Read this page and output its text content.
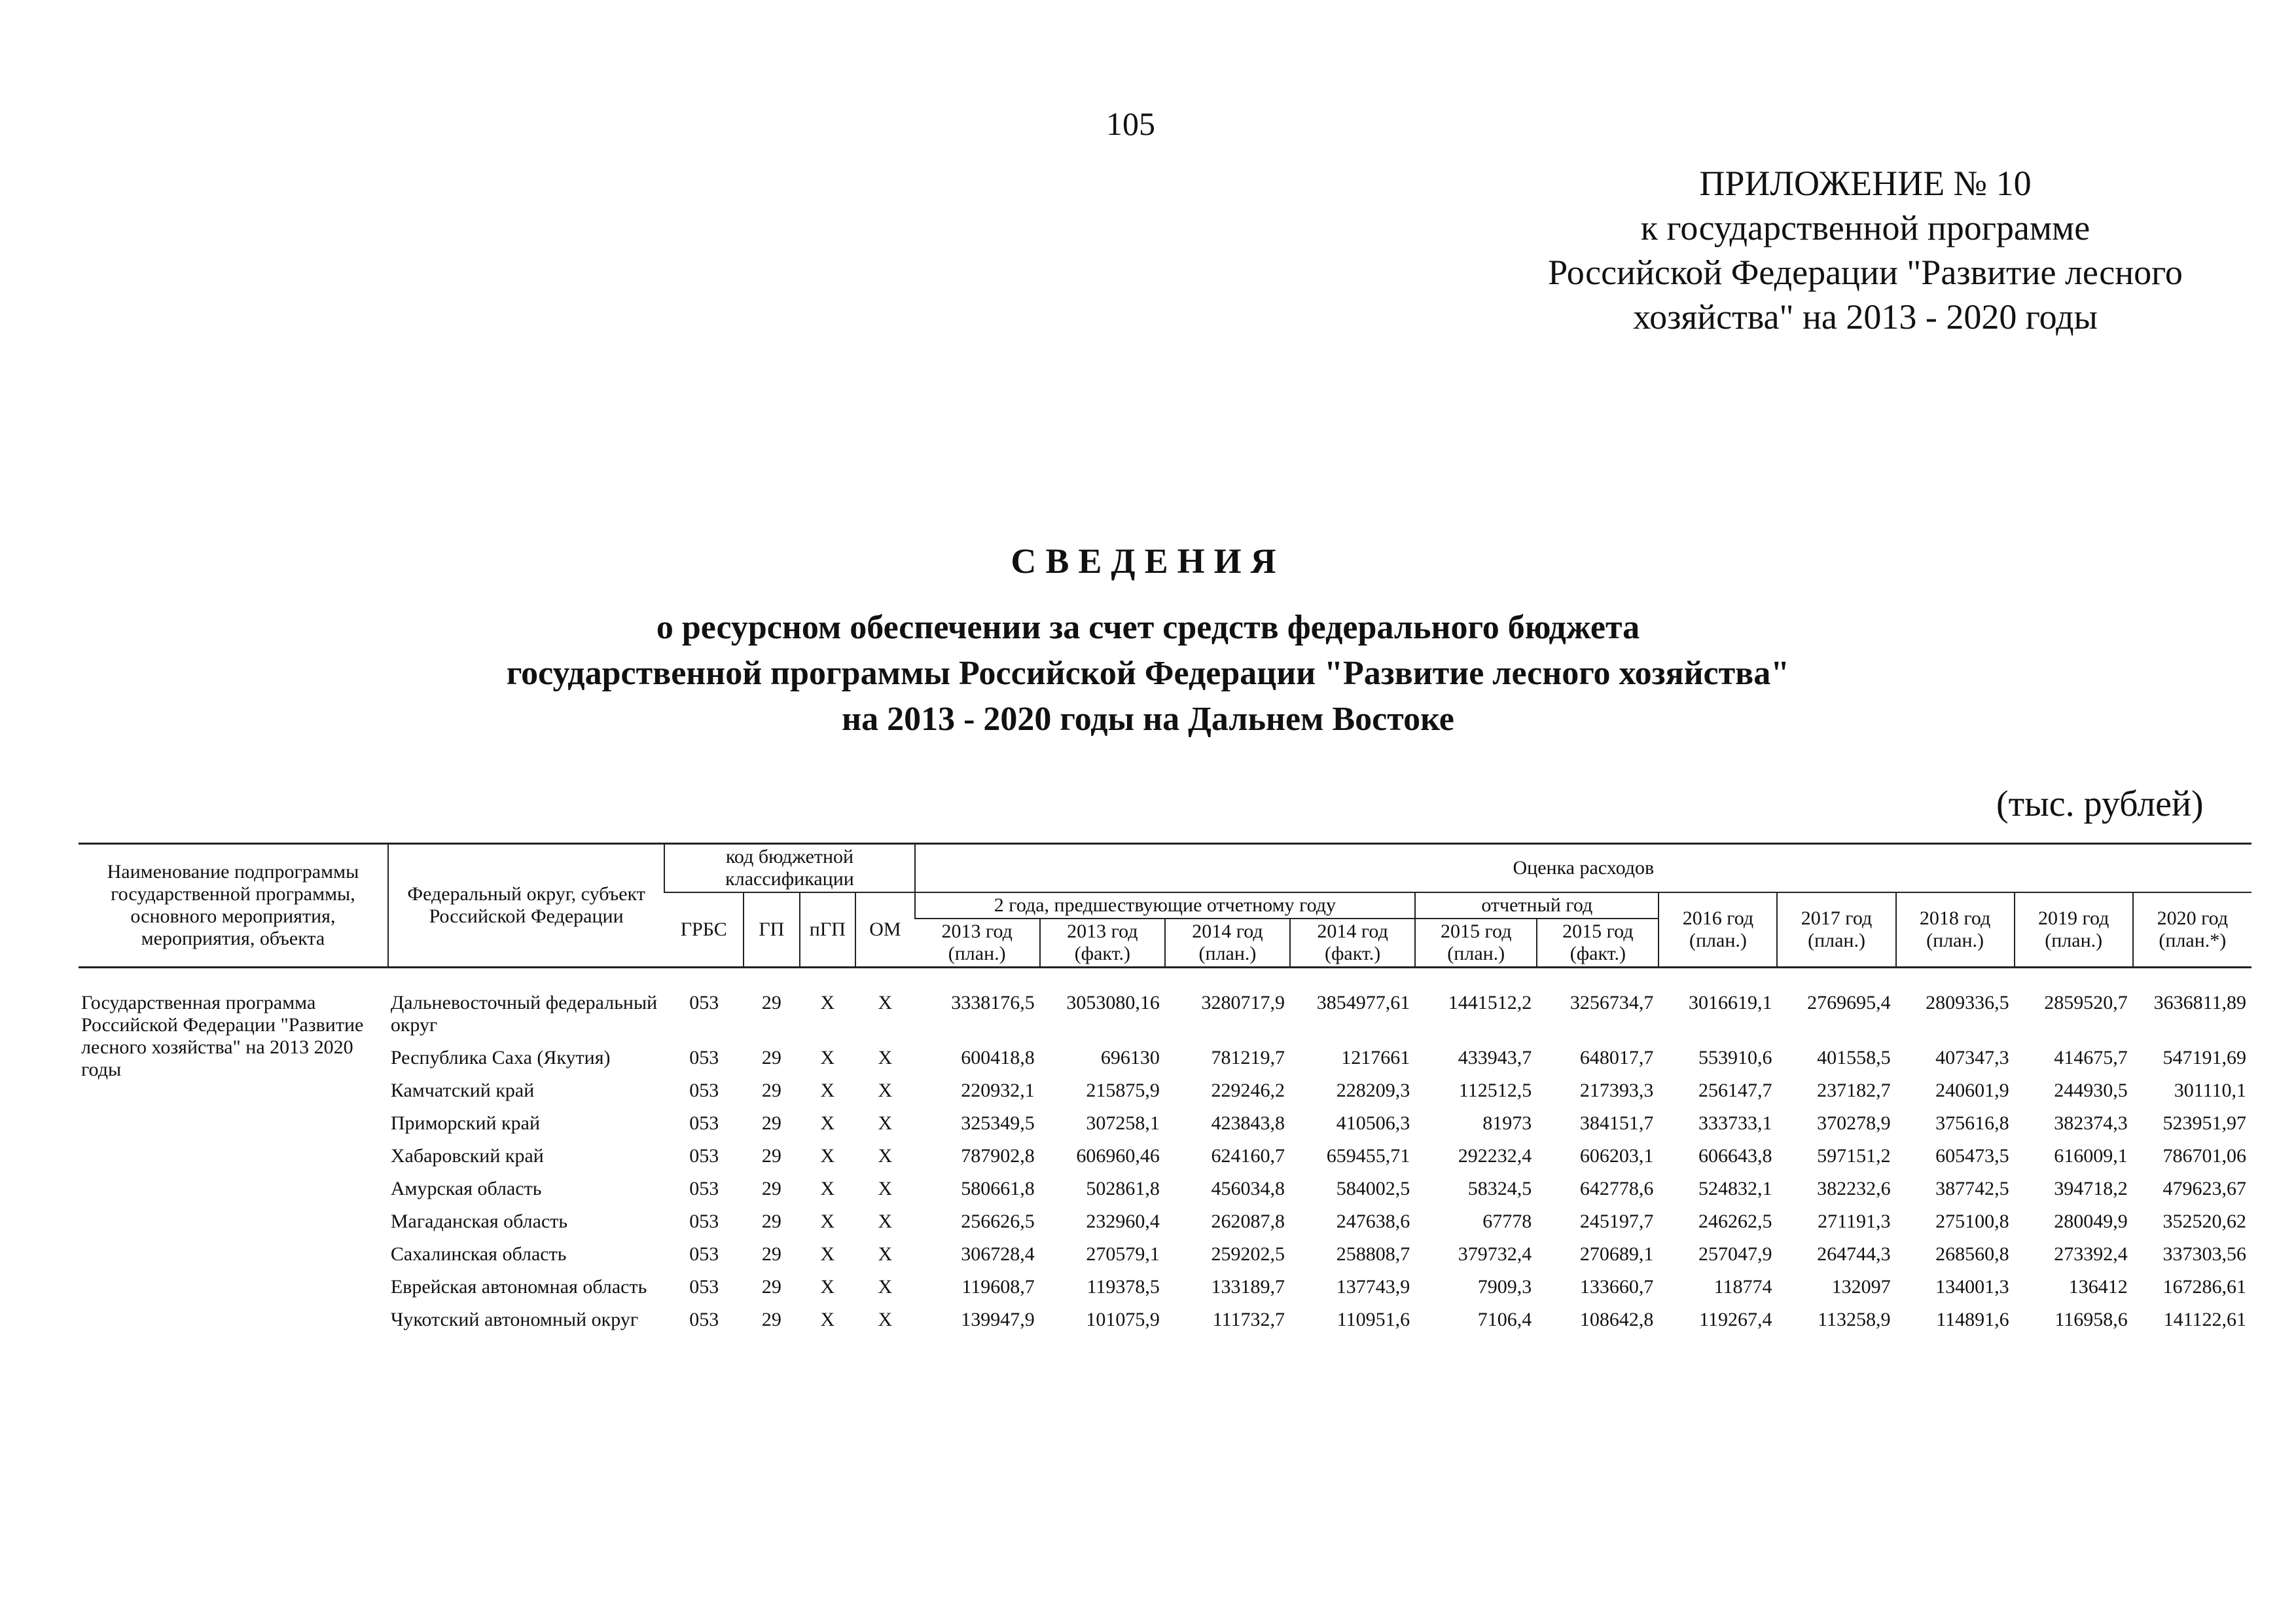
105
ПРИЛОЖЕНИЕ № 10
к государственной программе
Российской Федерации "Развитие лесного
хозяйства" на 2013 - 2020 годы
СВЕДЕНИЯ
о ресурсном обеспечении за счет средств федерального бюджета
государственной программы Российской Федерации "Развитие лесного хозяйства"
на 2013 - 2020 годы на Дальнем Востоке
(тыс. рублей)
Наименование подпрограммы государственной программы, основного мероприятия, мероприятия, объекта	Федеральный округ, субъект Российской Федерации	код бюджетной классификации				Оценка расходов										
		ГРБС	ГП	пГП	ОМ	2 года, предшествующие отчетному году				отчетный год		2016 год (план.)	2017 год (план.)	2018 год (план.)	2019 год (план.)	2020 год (план.*)
						2013 год (план.)	2013 год (факт.)	2014 год (план.)	2014 год (факт.)	2015 год (план.)	2015 год (факт.)					
Государственная программа Российской Федерации "Развитие лесного хозяйства" на 2013 2020 годы	Дальневосточный федеральный округ	053	29	Х	Х	3338176,5	3053080,16	3280717,9	3854977,61	1441512,2	3256734,7	3016619,1	2769695,4	2809336,5	2859520,7	3636811,89
	Республика Саха (Якутия)	053	29	Х	Х	600418,8	696130	781219,7	1217661	433943,7	648017,7	553910,6	401558,5	407347,3	414675,7	547191,69
	Камчатский край	053	29	Х	Х	220932,1	215875,9	229246,2	228209,3	112512,5	217393,3	256147,7	237182,7	240601,9	244930,5	301110,1
	Приморский край	053	29	Х	Х	325349,5	307258,1	423843,8	410506,3	81973	384151,7	333733,1	370278,9	375616,8	382374,3	523951,97
	Хабаровский край	053	29	Х	Х	787902,8	606960,46	624160,7	659455,71	292232,4	606203,1	606643,8	597151,2	605473,5	616009,1	786701,06
	Амурская область	053	29	Х	Х	580661,8	502861,8	456034,8	584002,5	58324,5	642778,6	524832,1	382232,6	387742,5	394718,2	479623,67
	Магаданская область	053	29	Х	Х	256626,5	232960,4	262087,8	247638,6	67778	245197,7	246262,5	271191,3	275100,8	280049,9	352520,62
	Сахалинская область	053	29	Х	Х	306728,4	270579,1	259202,5	258808,7	379732,4	270689,1	257047,9	264744,3	268560,8	273392,4	337303,56
	Еврейская автономная область	053	29	Х	Х	119608,7	119378,5	133189,7	137743,9	7909,3	133660,7	118774	132097	134001,3	136412	167286,61
	Чукотский автономный округ	053	29	Х	Х	139947,9	101075,9	111732,7	110951,6	7106,4	108642,8	119267,4	113258,9	114891,6	116958,6	141122,61
